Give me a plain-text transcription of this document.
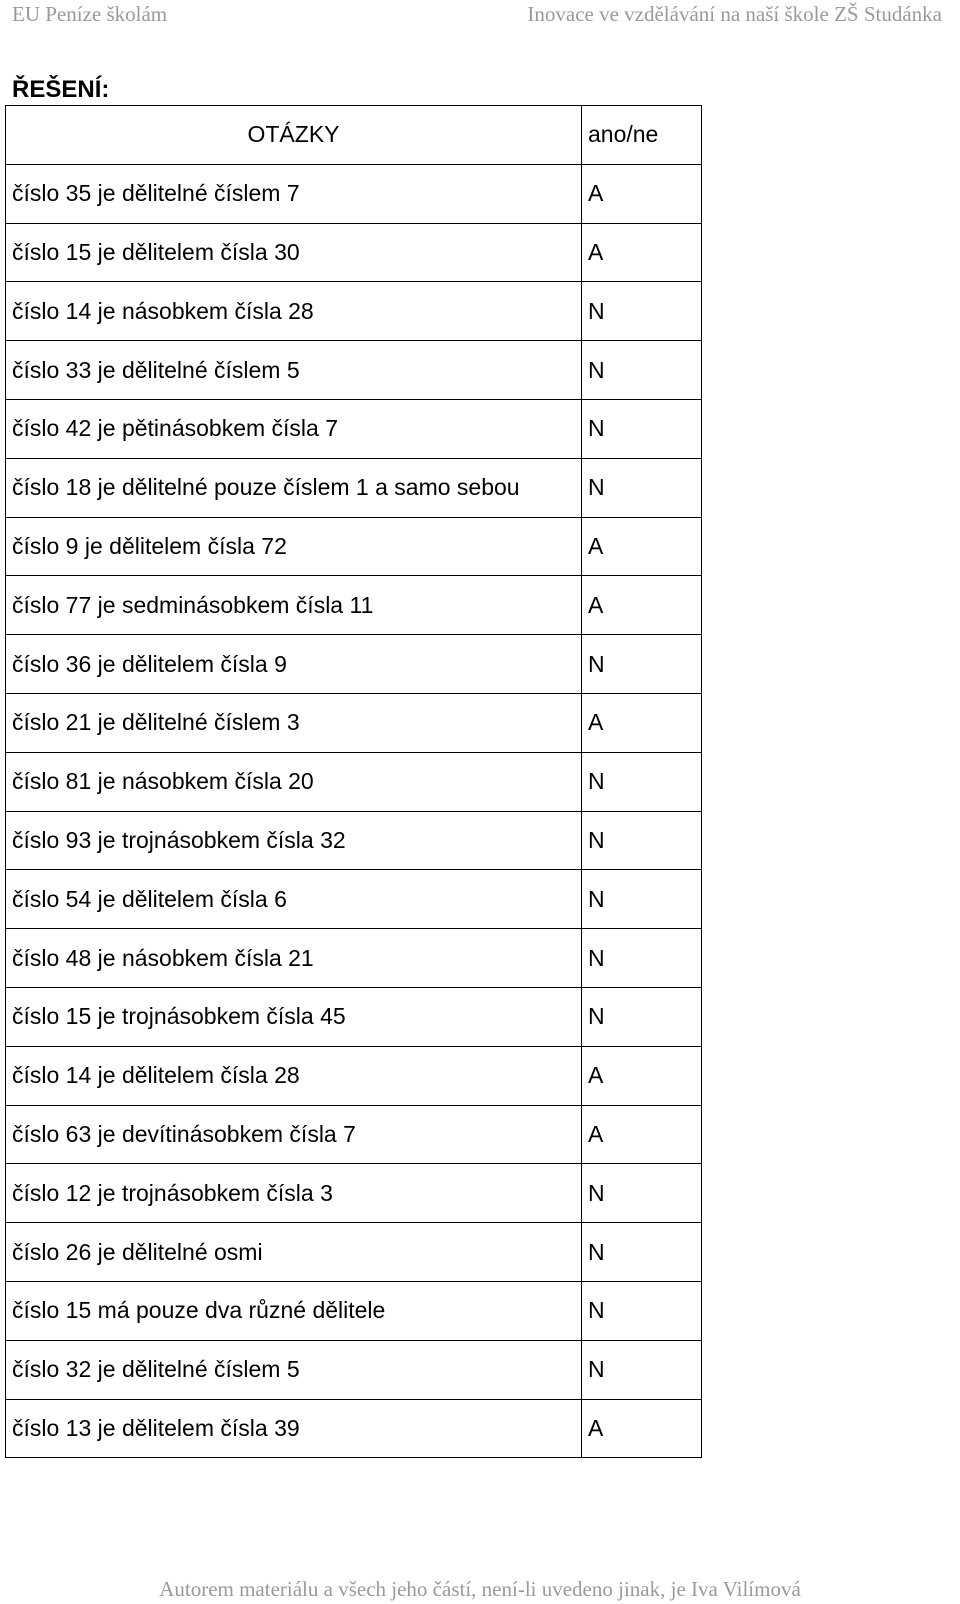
EU Peníze školám	Inovace ve vzdělávání na naší škole ZŠ Studánka
ŘEŠENÍ:
OTÁZKY	ano/ne
číslo 35 je dělitelné číslem 7	A
číslo 15 je dělitelem čísla 30	A
číslo 14 je násobkem čísla 28	N
číslo 33 je dělitelné číslem 5	N
číslo 42 je pětinásobkem čísla 7	N
číslo 18 je dělitelné pouze číslem 1 a samo sebou	N
číslo 9 je dělitelem čísla 72	A
číslo 77 je sedminásobkem čísla 11	A
číslo 36 je dělitelem čísla 9	N
číslo 21 je dělitelné číslem 3	A
číslo 81 je násobkem čísla 20	N
číslo 93 je trojnásobkem čísla 32	N
číslo 54 je dělitelem čísla 6	N
číslo 48 je násobkem čísla 21	N
číslo 15 je trojnásobkem čísla 45	N
číslo 14 je dělitelem čísla 28	A
číslo 63 je devítinásobkem čísla 7	A
číslo 12 je trojnásobkem čísla 3	N
číslo 26 je dělitelné osmi	N
číslo 15 má pouze dva různé dělitele	N
číslo 32 je dělitelné číslem 5	N
číslo 13 je dělitelem čísla 39	A
Autorem materiálu a všech jeho částí, není-li uvedeno jinak, je Iva Vilímová
